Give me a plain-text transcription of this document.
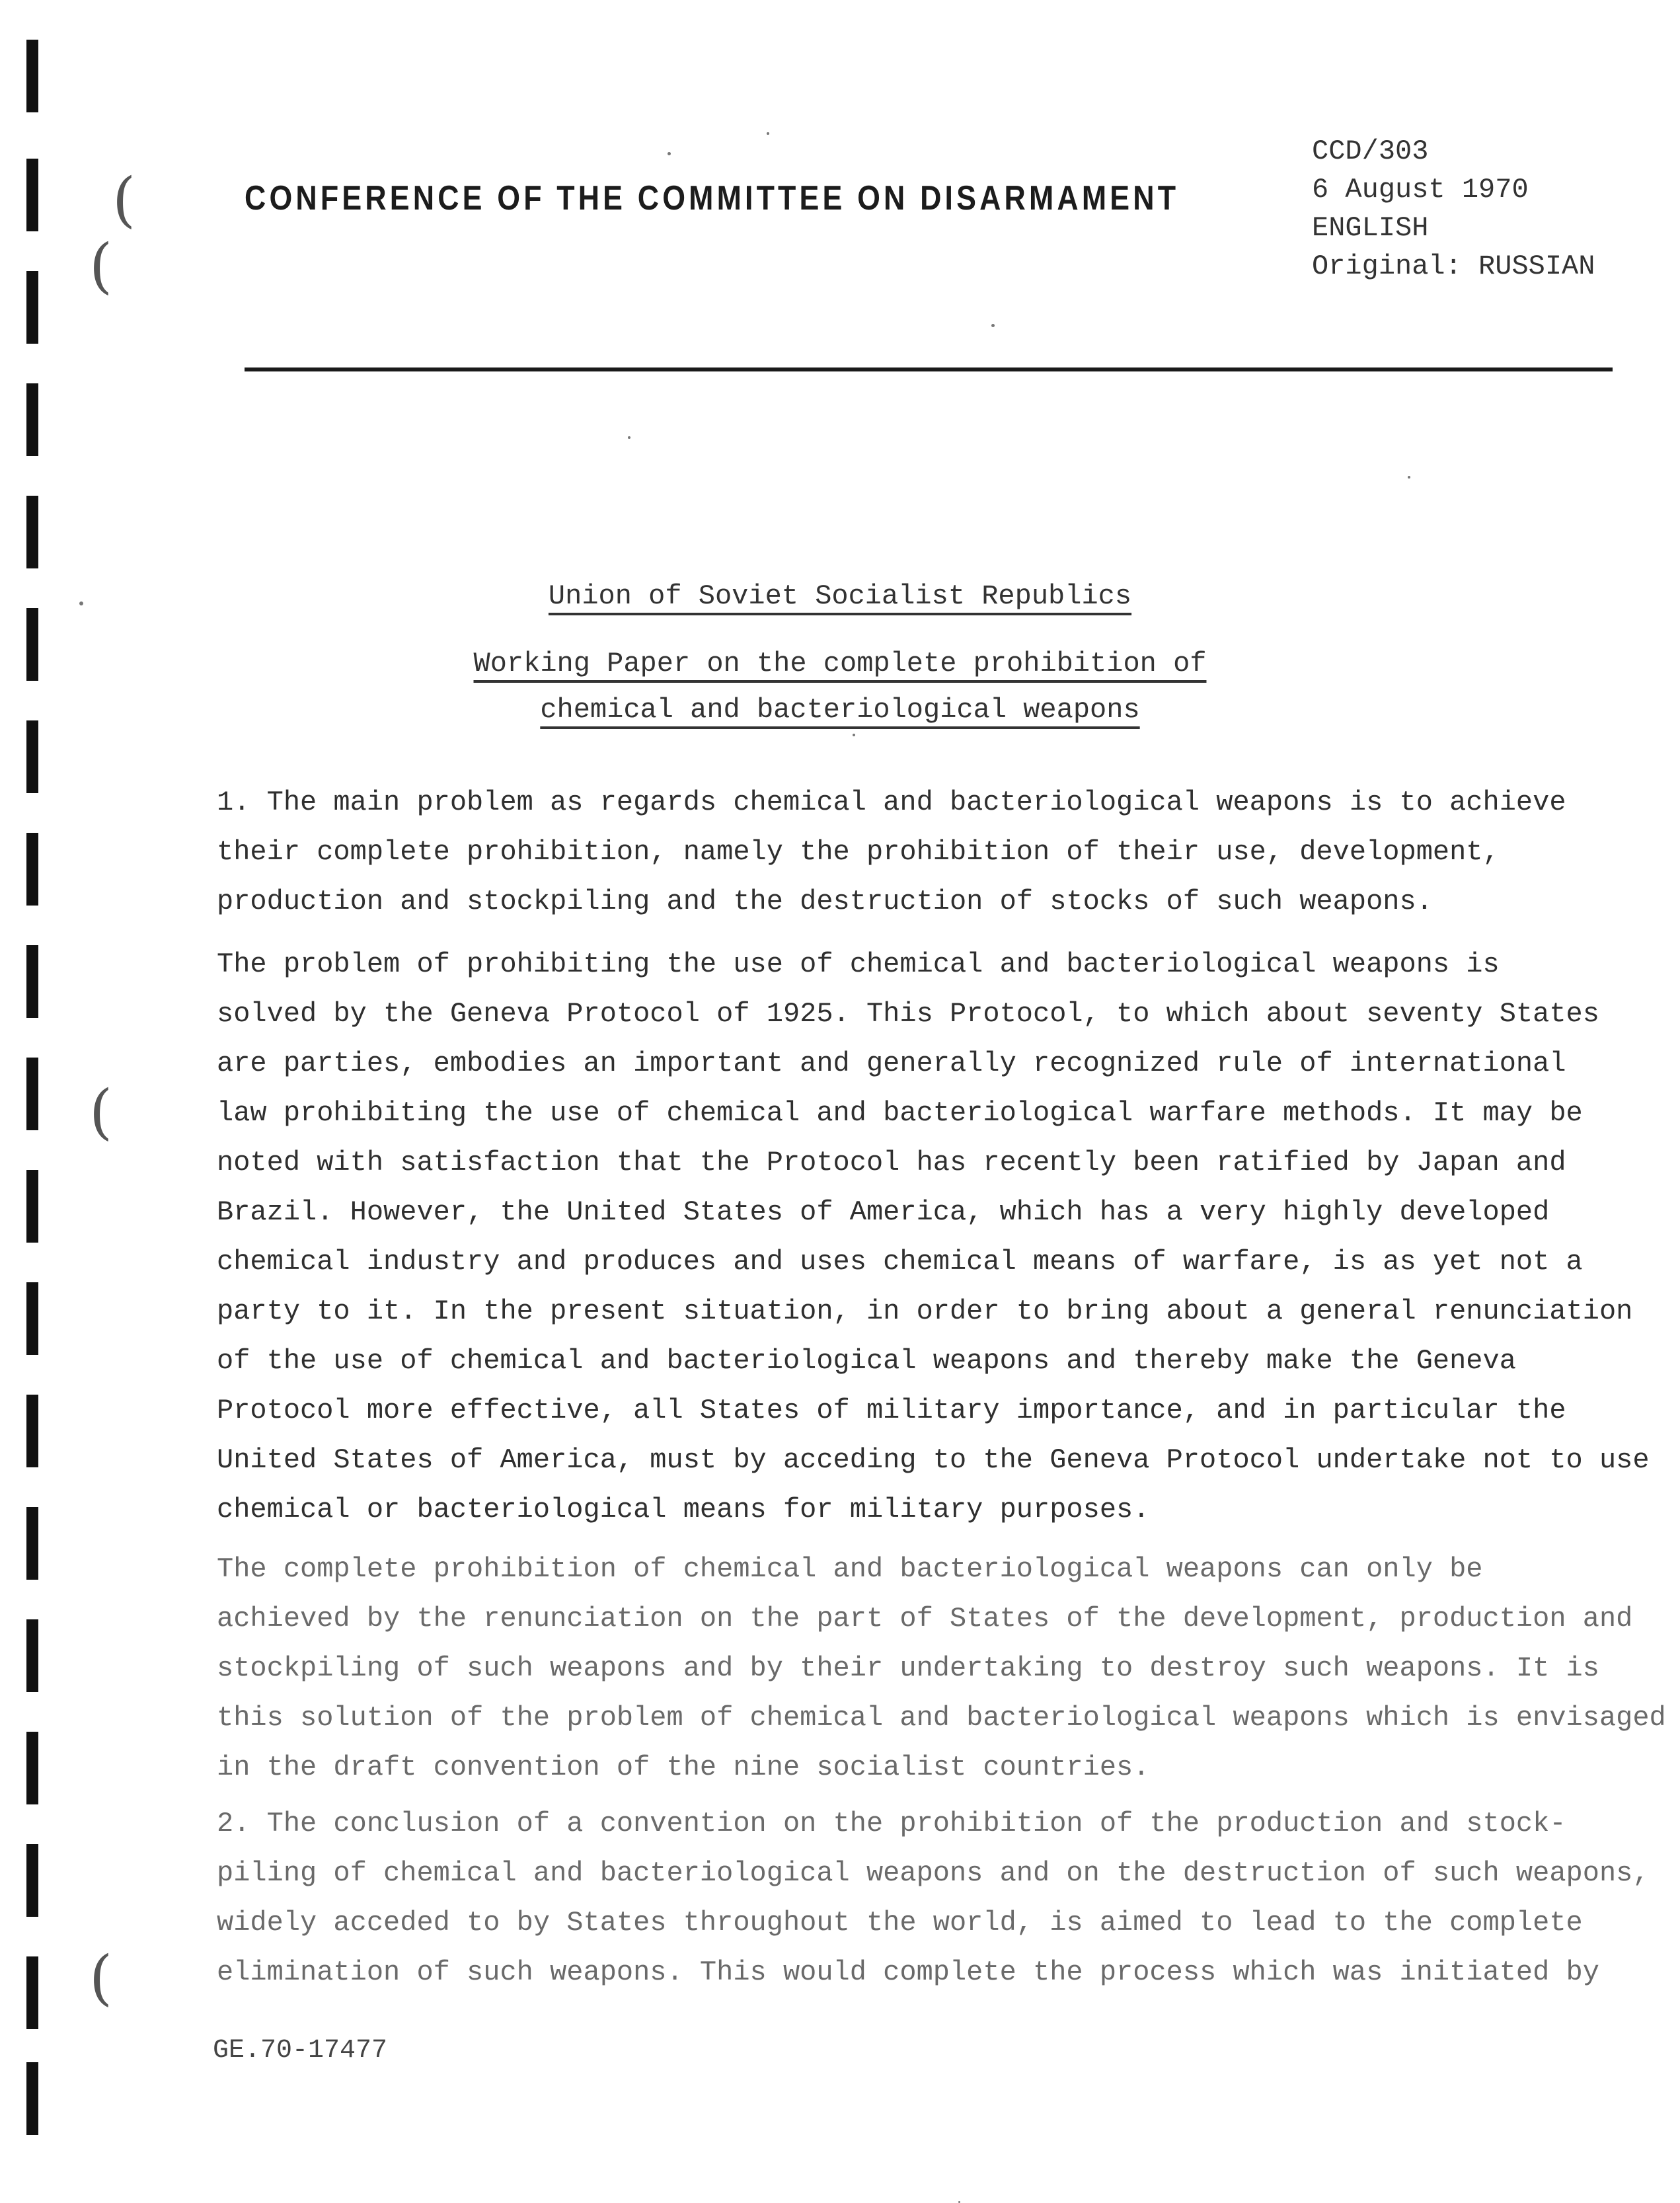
(
(
(
(
CONFERENCE OF THE COMMITTEE ON DISARMAMENT
CCD/303
6 August 1970
ENGLISH
Original: RUSSIAN
Union of Soviet Socialist Republics
Working Paper on the complete prohibition of
chemical and bacteriological weapons
1. The main problem as regards chemical and bacteriological weapons is to achieve
their complete prohibition, namely the prohibition of their use, development,
production and stockpiling and the destruction of stocks of such weapons.
The problem of prohibiting the use of chemical and bacteriological weapons is
solved by the Geneva Protocol of 1925. This Protocol, to which about seventy States
are parties, embodies an important and generally recognized rule of international
law prohibiting the use of chemical and bacteriological warfare methods. It may be
noted with satisfaction that the Protocol has recently been ratified by Japan and
Brazil. However, the United States of America, which has a very highly developed
chemical industry and produces and uses chemical means of warfare, is as yet not a
party to it. In the present situation, in order to bring about a general renunciation
of the use of chemical and bacteriological weapons and thereby make the Geneva
Protocol more effective, all States of military importance, and in particular the
United States of America, must by acceding to the Geneva Protocol undertake not to use
chemical or bacteriological means for military purposes.
The complete prohibition of chemical and bacteriological weapons can only be
achieved by the renunciation on the part of States of the development, production and
stockpiling of such weapons and by their undertaking to destroy such weapons. It is
this solution of the problem of chemical and bacteriological weapons which is envisaged
in the draft convention of the nine socialist countries.
2. The conclusion of a convention on the prohibition of the production and stock-
piling of chemical and bacteriological weapons and on the destruction of such weapons,
widely acceded to by States throughout the world, is aimed to lead to the complete
elimination of such weapons. This would complete the process which was initiated by
GE.70-17477
